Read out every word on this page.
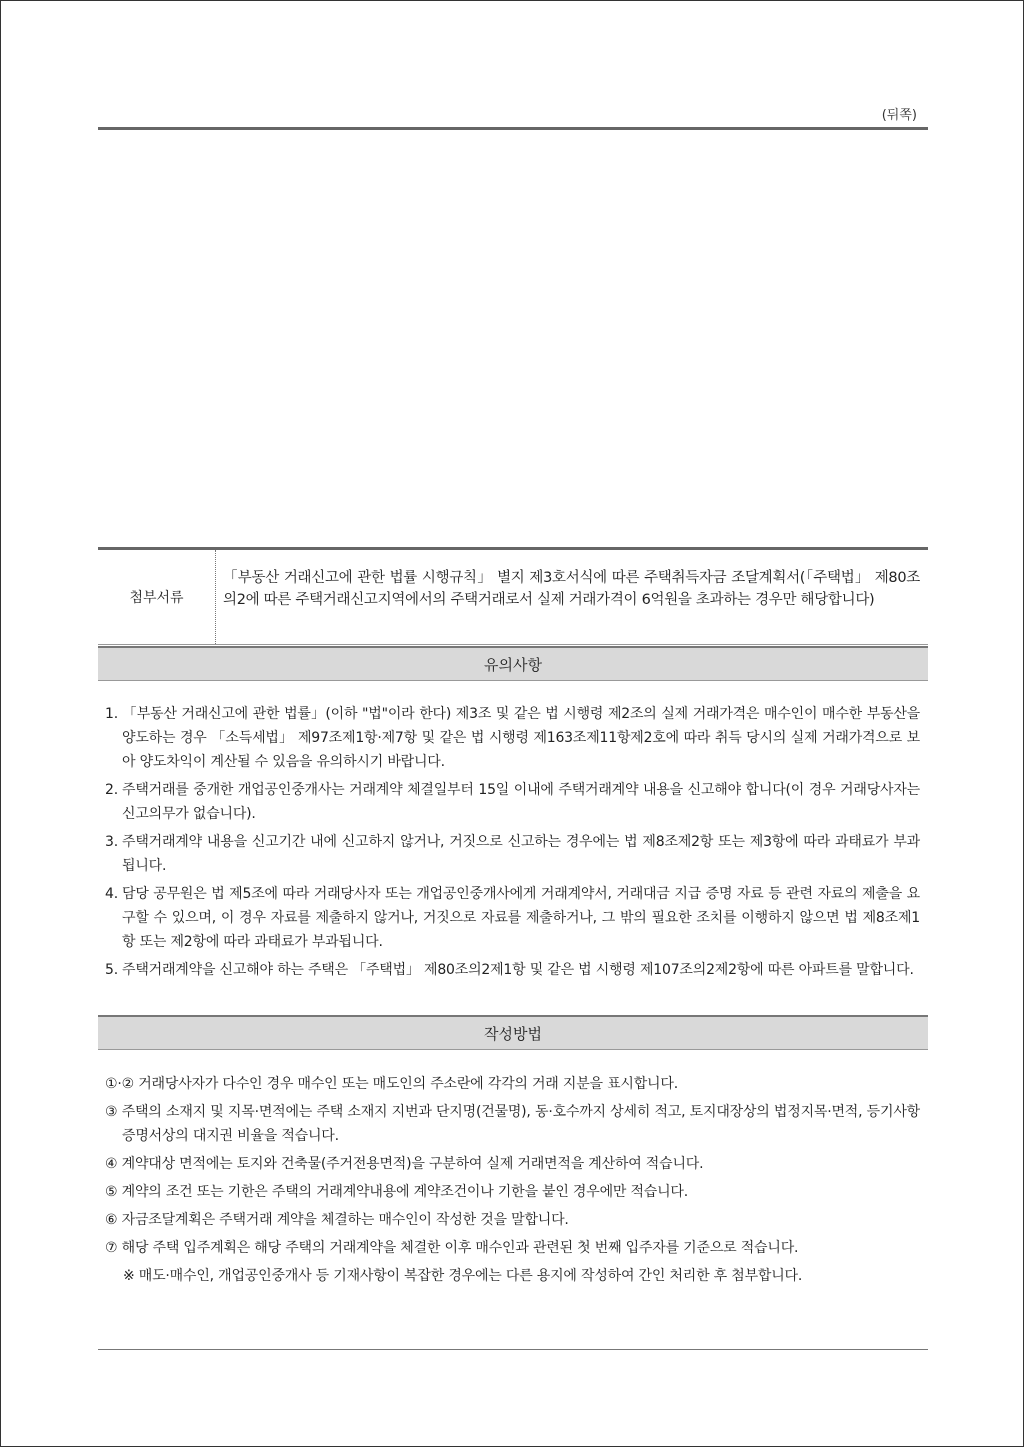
(뒤쪽)
첨부서류
「부동산 거래신고에 관한 법률 시행규칙」 별지 제3호서식에 따른 주택취득자금 조달계획서(「주택법」 제80조의2에 따른 주택거래신고지역에서의 주택거래로서 실제 거래가격이 6억원을 초과하는 경우만 해당합니다)
유의사항
1. 「부동산 거래신고에 관한 법률」(이하 "법"이라 한다) 제3조 및 같은 법 시행령 제2조의 실제 거래가격은 매수인이 매수한 부동산을 양도하는 경우 「소득세법」 제97조제1항·제7항 및 같은 법 시행령 제163조제11항제2호에 따라 취득 당시의 실제 거래가격으로 보아 양도차익이 계산될 수 있음을 유의하시기 바랍니다.
2. 주택거래를 중개한 개업공인중개사는 거래계약 체결일부터 15일 이내에 주택거래계약 내용을 신고해야 합니다(이 경우 거래당사자는 신고의무가 없습니다).
3. 주택거래계약 내용을 신고기간 내에 신고하지 않거나, 거짓으로 신고하는 경우에는 법 제8조제2항 또는 제3항에 따라 과태료가 부과됩니다.
4. 담당 공무원은 법 제5조에 따라 거래당사자 또는 개업공인중개사에게 거래계약서, 거래대금 지급 증명 자료 등 관련 자료의 제출을 요구할 수 있으며, 이 경우 자료를 제출하지 않거나, 거짓으로 자료를 제출하거나, 그 밖의 필요한 조치를 이행하지 않으면 법 제8조제1항 또는 제2항에 따라 과태료가 부과됩니다.
5. 주택거래계약을 신고해야 하는 주택은 「주택법」 제80조의2제1항 및 같은 법 시행령 제107조의2제2항에 따른 아파트를 말합니다.
작성방법
①·② 거래당사자가 다수인 경우 매수인 또는 매도인의 주소란에 각각의 거래 지분을 표시합니다.
③ 주택의 소재지 및 지목·면적에는 주택 소재지 지번과 단지명(건물명), 동·호수까지 상세히 적고, 토지대장상의 법정지목·면적, 등기사항증명서상의 대지권 비율을 적습니다.
④ 계약대상 면적에는 토지와 건축물(주거전용면적)을 구분하여 실제 거래면적을 계산하여 적습니다.
⑤ 계약의 조건 또는 기한은 주택의 거래계약내용에 계약조건이나 기한을 붙인 경우에만 적습니다.
⑥ 자금조달계획은 주택거래 계약을 체결하는 매수인이 작성한 것을 말합니다.
⑦ 해당 주택 입주계획은 해당 주택의 거래계약을 체결한 이후 매수인과 관련된 첫 번째 입주자를 기준으로 적습니다.
※ 매도·매수인, 개업공인중개사 등 기재사항이 복잡한 경우에는 다른 용지에 작성하여 간인 처리한 후 첨부합니다.
